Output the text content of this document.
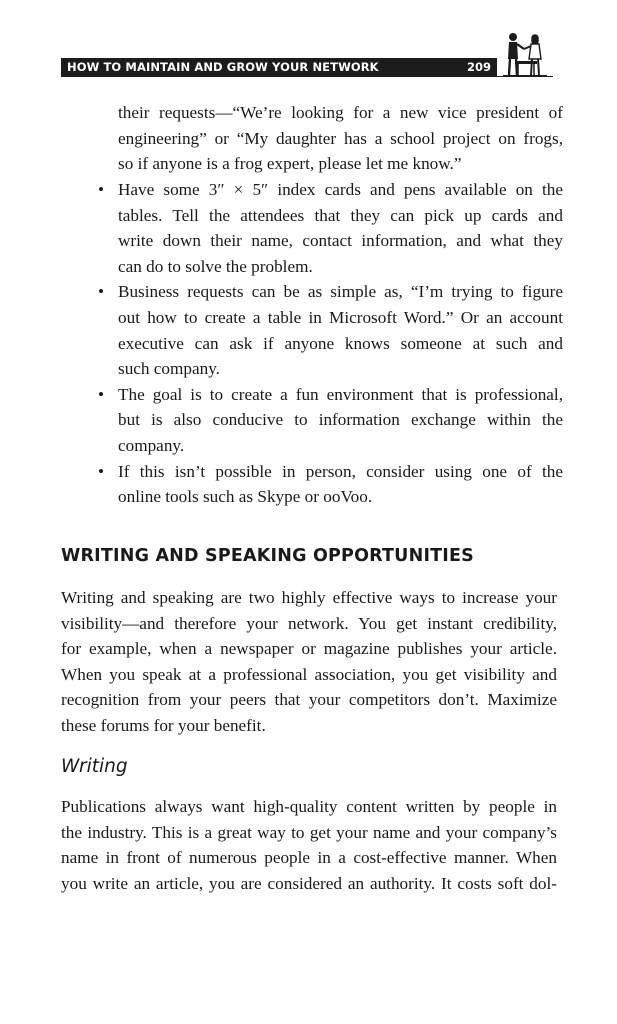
HOW TO MAINTAIN AND GROW YOUR NETWORK	209
their requests—“We’re looking for a new vice president of
engineering” or “My daughter has a school project on frogs,
so if anyone is a frog expert, please let me know.”
• Have some 3″ × 5″ index cards and pens available on the
tables. Tell the attendees that they can pick up cards and
write down their name, contact information, and what they
can do to solve the problem.
• Business requests can be as simple as, “I’m trying to figure
out how to create a table in Microsoft Word.” Or an account
executive can ask if anyone knows someone at such and
such company.
• The goal is to create a fun environment that is professional,
but is also conducive to information exchange within the
company.
• If this isn’t possible in person, consider using one of the
online tools such as Skype or ooVoo.
WRITING AND SPEAKING OPPORTUNITIES
Writing and speaking are two highly effective ways to increase your
visibility—and therefore your network. You get instant credibility,
for example, when a newspaper or magazine publishes your article.
When you speak at a professional association, you get visibility and
recognition from your peers that your competitors don’t. Maximize
these forums for your benefit.
Writing
Publications always want high-quality content written by people in
the industry. This is a great way to get your name and your company’s
name in front of numerous people in a cost-effective manner. When
you write an article, you are considered an authority. It costs soft dol-
